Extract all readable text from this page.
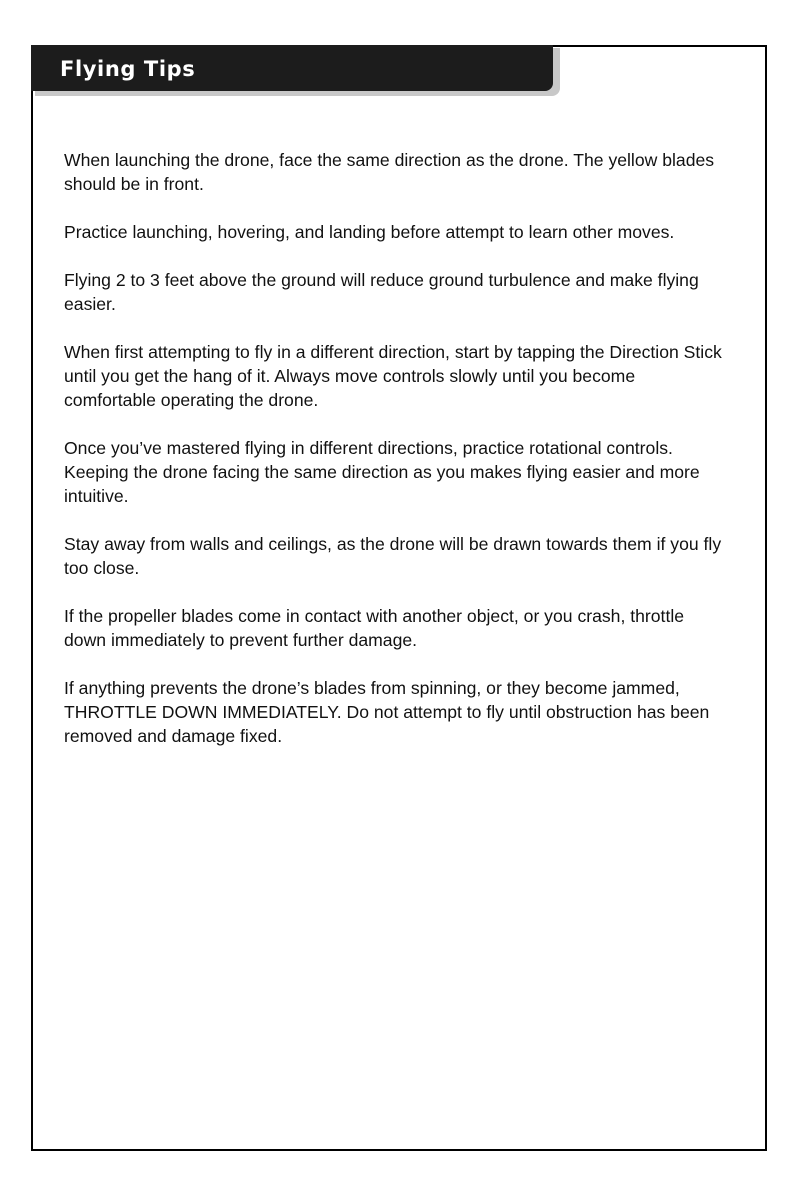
Flying Tips
When launching the drone, face the same direction as the drone. The yellow blades should be in front.
Practice launching, hovering, and landing before attempt to learn other moves.
Flying 2 to 3 feet above the ground will reduce ground turbulence and make flying easier.
When first attempting to fly in a different direction, start by tapping the Direction Stick until you get the hang of it. Always move controls slowly until you become comfortable operating the drone.
Once you’ve mastered flying in different directions, practice rotational controls. Keeping the drone facing the same direction as you makes flying easier and more intuitive.
Stay away from walls and ceilings, as the drone will be drawn towards them if you fly too close.
If the propeller blades come in contact with another object, or you crash, throttle down immediately to prevent further damage.
If anything prevents the drone’s blades from spinning, or they become jammed, THROTTLE DOWN IMMEDIATELY. Do not attempt to fly until obstruction has been removed and damage fixed.
